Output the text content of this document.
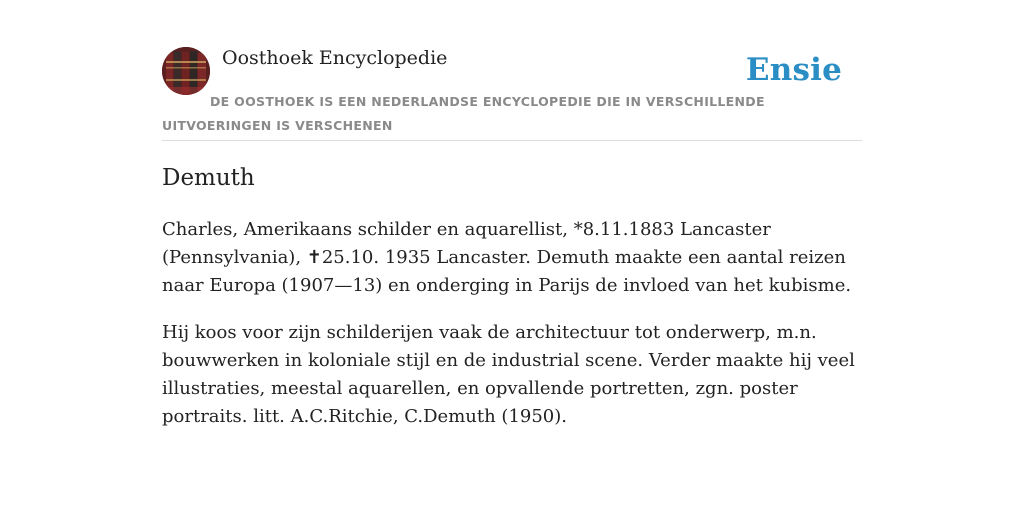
Oosthoek Encyclopedie	Ensie

DE OOSTHOEK IS EEN NEDERLANDSE ENCYCLOPEDIE DIE IN VERSCHILLENDE UITVOERINGEN IS VERSCHENEN

Demuth

Charles, Amerikaans schilder en aquarellist, *8.11.1883 Lancaster (Pennsylvania), ✝25.10. 1935 Lancaster. Demuth maakte een aantal reizen naar Europa (1907—13) en onderging in Parijs de invloed van het kubisme.

Hij koos voor zijn schilderijen vaak de architectuur tot onderwerp, m.n. bouwwerken in koloniale stijl en de industrial scene. Verder maakte hij veel illustraties, meestal aquarellen, en opvallende portretten, zgn. poster portraits. litt. A.C.Ritchie, C.Demuth (1950).
